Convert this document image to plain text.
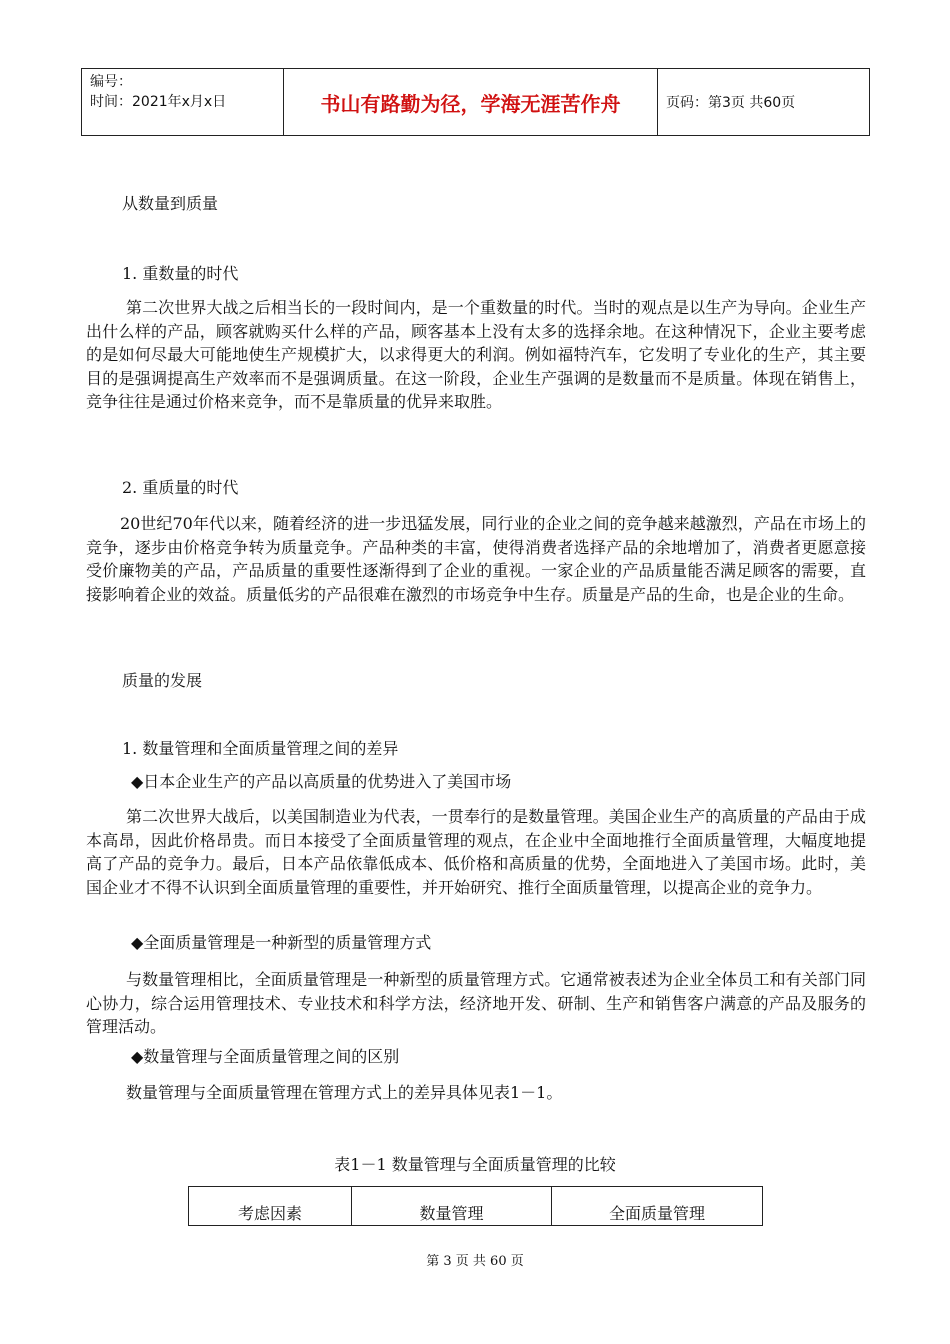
编号：
时间：2021年x月x日	书山有路勤为径，学海无涯苦作舟	页码：第3页 共60页
从数量到质量
1. 重数量的时代
第二次世界大战之后相当长的一段时间内，是一个重数量的时代。当时的观点是以生产为导向。企业生产出什么样的产品，顾客就购买什么样的产品，顾客基本上没有太多的选择余地。在这种情况下，企业主要考虑的是如何尽最大可能地使生产规模扩大，以求得更大的利润。例如福特汽车，它发明了专业化的生产，其主要目的是强调提高生产效率而不是强调质量。在这一阶段，企业生产强调的是数量而不是质量。体现在销售上，竞争往往是通过价格来竞争，而不是靠质量的优异来取胜。
2. 重质量的时代
20世纪70年代以来，随着经济的进一步迅猛发展，同行业的企业之间的竞争越来越激烈，产品在市场上的竞争，逐步由价格竞争转为质量竞争。产品种类的丰富，使得消费者选择产品的余地增加了，消费者更愿意接受价廉物美的产品，产品质量的重要性逐渐得到了企业的重视。一家企业的产品质量能否满足顾客的需要，直接影响着企业的效益。质量低劣的产品很难在激烈的市场竞争中生存。质量是产品的生命，也是企业的生命。
质量的发展
1. 数量管理和全面质量管理之间的差异
◆日本企业生产的产品以高质量的优势进入了美国市场
第二次世界大战后，以美国制造业为代表，一贯奉行的是数量管理。美国企业生产的高质量的产品由于成本高昂，因此价格昂贵。而日本接受了全面质量管理的观点，在企业中全面地推行全面质量管理，大幅度地提高了产品的竞争力。最后，日本产品依靠低成本、低价格和高质量的优势，全面地进入了美国市场。此时，美国企业才不得不认识到全面质量管理的重要性，并开始研究、推行全面质量管理，以提高企业的竞争力。
◆全面质量管理是一种新型的质量管理方式
与数量管理相比，全面质量管理是一种新型的质量管理方式。它通常被表述为企业全体员工和有关部门同心协力，综合运用管理技术、专业技术和科学方法，经济地开发、研制、生产和销售客户满意的产品及服务的管理活动。
◆数量管理与全面质量管理之间的区别
数量管理与全面质量管理在管理方式上的差异具体见表1－1。
表1－1 数量管理与全面质量管理的比较
考虑因素	数量管理	全面质量管理
第 3 页 共 60 页
